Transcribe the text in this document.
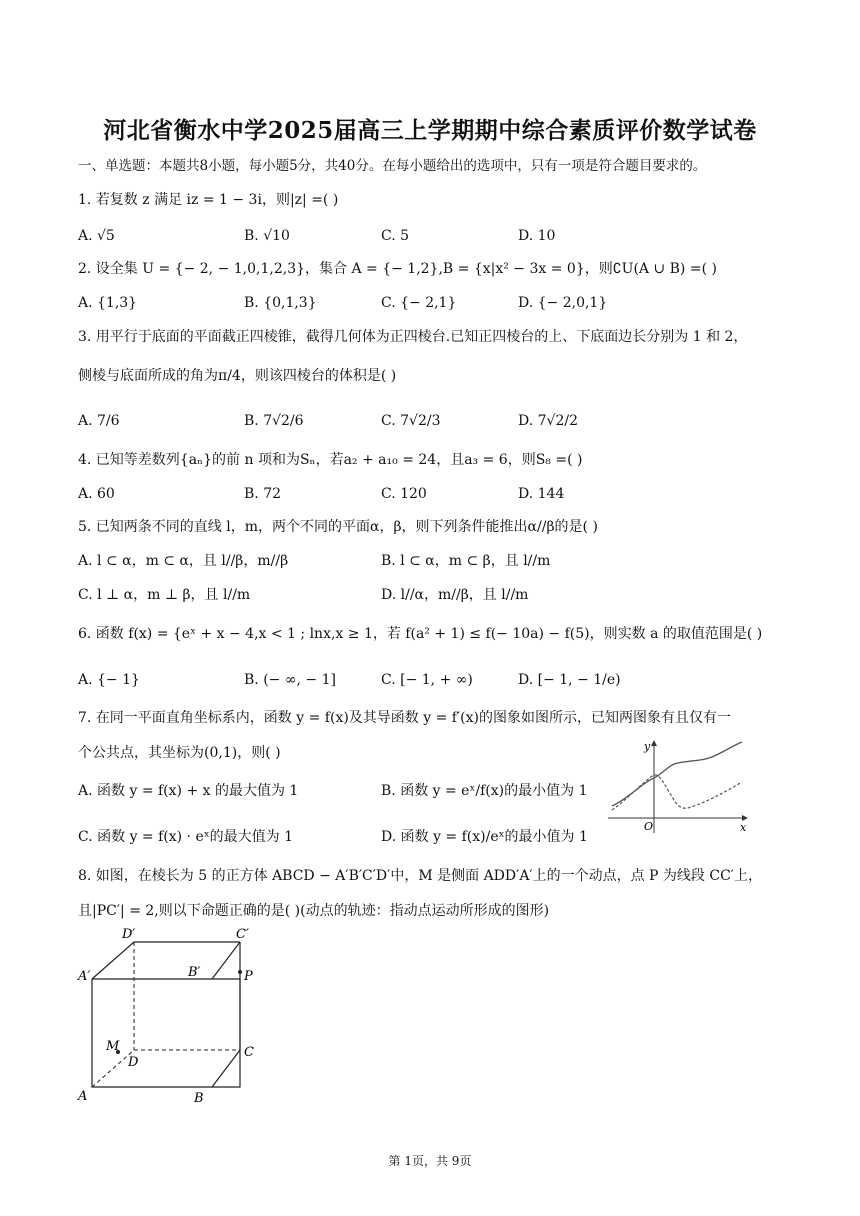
河北省衡水中学2025届高三上学期期中综合素质评价数学试卷
一、单选题：本题共8小题，每小题5分，共40分。在每小题给出的选项中，只有一项是符合题目要求的。
1. 若复数 z 满足 iz = 1 − 3i，则|z| =( )
A. √5	B. √10	C. 5	D. 10
2. 设全集 U = {− 2, − 1,0,1,2,3}，集合 A = {− 1,2},B = {x|x² − 3x = 0}，则∁U(A ∪ B) =( )
A. {1,3}	B. {0,1,3}	C. {− 2,1}	D. {− 2,0,1}
3. 用平行于底面的平面截正四棱锥，截得几何体为正四棱台.已知正四棱台的上、下底面边长分别为 1 和 2，
侧棱与底面所成的角为π/4，则该四棱台的体积是( )
A. 7/6	B. 7√2/6	C. 7√2/3	D. 7√2/2
4. 已知等差数列{aₙ}的前 n 项和为Sₙ，若a₂ + a₁₀ = 24，且a₃ = 6，则S₈ =( )
A. 60	B. 72	C. 120	D. 144
5. 已知两条不同的直线 l，m，两个不同的平面α，β，则下列条件能推出α//β的是( )
A. l ⊂ α，m ⊂ α，且 l//β，m//β	B. l ⊂ α，m ⊂ β，且 l//m
C. l ⊥ α，m ⊥ β，且 l//m	D. l//α，m//β，且 l//m
6. 函数 f(x) = {eˣ + x − 4,x < 1 ; lnx,x ≥ 1，若 f(a² + 1) ≤ f(− 10a) − f(5)，则实数 a 的取值范围是( )
A. {− 1}	B. (− ∞, − 1]	C. [− 1, + ∞)	D. [− 1, − 1/e)
7. 在同一平面直角坐标系内，函数 y = f(x)及其导函数 y = f′(x)的图象如图所示，已知两图象有且仅有一
个公共点，其坐标为(0,1)，则( )
A. 函数 y = f(x) + x 的最大值为 1	B. 函数 y = eˣ/f(x)的最小值为 1
C. 函数 y = f(x) · eˣ的最大值为 1	D. 函数 y = f(x)/eˣ的最小值为 1
y
x
O
8. 如图，在棱长为 5 的正方体 ABCD − A′B′C′D′中，M 是侧面 ADD′A′上的一个动点，点 P 为线段 CC′上，
且|PC′| = 2,则以下命题正确的是( )(动点的轨迹：指动点运动所形成的图形)
D′	C′
A′	B′	P
M
D
C
A	B
第 1页，共 9页
